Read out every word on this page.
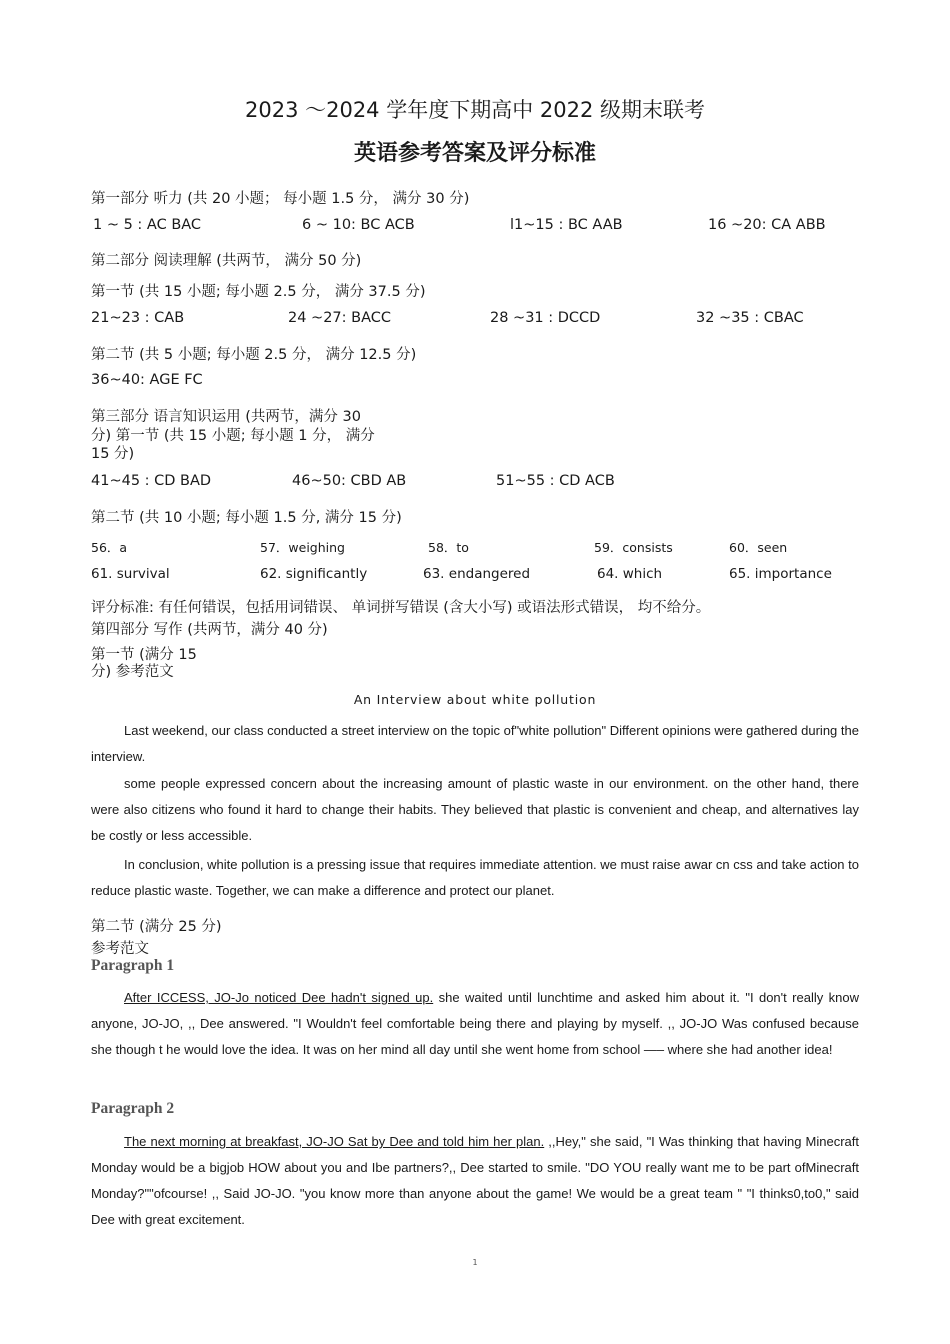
2023 ～2024 学年度下期高中 2022 级期末联考
英语参考答案及评分标准
第一部分 听力 (共 20 小题； 每小题 1.5 分， 满分 30 分)
1 ~ 5 : AC BAC	6 ~ 10: BC ACB	l1~15 : BC AAB	16 ~20: CA ABB
第二部分 阅读理解 (共两节， 满分 50 分)
第一节 (共 15 小题; 每小题 2.5 分， 满分 37.5 分)
21~23 : CAB	24 ~27: BACC	28 ~31 : DCCD	32 ~35 : CBAC
第二节 (共 5 小题; 每小题 2.5 分， 满分 12.5 分)
36~40: AGE FC
第三部分 语言知识运用 (共两节，满分 30
分) 第一节 (共 15 小题; 每小题 1 分， 满分
15 分)
41~45 : CD BAD	46~50: CBD AB	51~55 : CD ACB
第二节 (共 10 小题; 每小题 1.5 分, 满分 15 分)
56．a	57．weighing	58．to	59．consists	60．seen
61. survival	62. significantly	63. endangered	64. which	65. importance
评分标准: 有任何错误，包括用词错误、 单词拼写错误 (含大小写) 或语法形式错误， 均不给分。
第四部分 写作 (共两节，满分 40 分)
第一节 (满分 15
分) 参考范文
An Interview about white pollution
Last weekend, our class conducted a street interview on the topic of"white pollution" Different opinions were gathered during the interview.
some people expressed concern about the increasing amount of plastic waste in our environment. on the other hand, there were also citizens who found it hard to change their habits. They believed that plastic is convenient and cheap, and alternatives lay be costly or less accessible.
In conclusion, white pollution is a pressing issue that requires immediate attention. we must raise awar cn css and take action to reduce plastic waste. Together, we can make a difference and protect our planet.
第二节 (满分 25 分)
参考范文
Paragraph 1
After ICCESS, JO-Jo noticed Dee hadn't signed up. she waited until lunchtime and asked him about it. "I don't really know anyone, JO-JO, ,, Dee answered. "I Wouldn't feel comfortable being there and playing by myself. ,, JO-JO Was confused because she though t he would love the idea. It was on her mind all day until she went home from school —– where she had another idea!
Paragraph 2
The next morning at breakfast, JO-JO Sat by Dee and told him her plan. ,,Hey," she said, "I Was thinking that having Minecraft Monday would be a bigjob HOW about you and Ibe partners?,, Dee started to smile. "DO YOU really want me to be part ofMinecraft Monday?""ofcourse! ,, Said JO-JO. "you know more than anyone about the game! We would be a great team " "I thinks0,to0," said Dee with great excitement.
1
